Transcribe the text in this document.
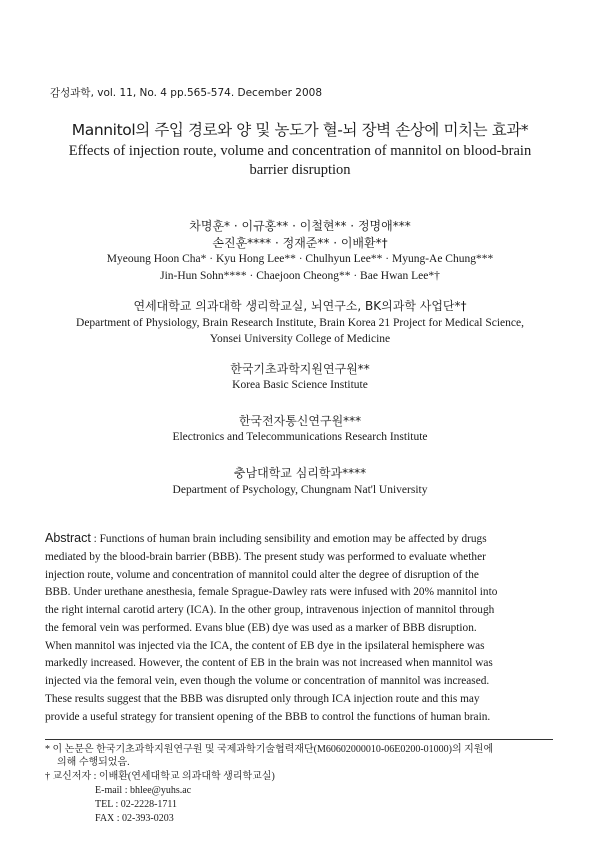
감성과학, vol. 11, No. 4 pp.565-574. December 2008
Mannitol의 주입 경로와 양 및 농도가 혈-뇌 장벽 손상에 미치는 효과*
Effects of injection route, volume and concentration of mannitol on blood-brain
barrier disruption
차명훈* · 이규홍** · 이철현** · 정명애***
손진훈**** · 정재준** · 이배환*†
Myeoung Hoon Cha* · Kyu Hong Lee** · Chulhyun Lee** · Myung-Ae Chung***
Jin-Hun Sohn**** · Chaejoon Cheong** · Bae Hwan Lee*†
연세대학교 의과대학 생리학교실, 뇌연구소, BK의과학 사업단*†
Department of Physiology, Brain Research Institute, Brain Korea 21 Project for Medical Science,
Yonsei University College of Medicine
한국기초과학지원연구원**
Korea Basic Science Institute
한국전자통신연구원***
Electronics and Telecommunications Research Institute
충남대학교 심리학과****
Department of Psychology, Chungnam Nat'l University
Abstract : Functions of human brain including sensibility and emotion may be affected by drugs
mediated by the blood-brain barrier (BBB). The present study was performed to evaluate whether
injection route, volume and concentration of mannitol could alter the degree of disruption of the
BBB. Under urethane anesthesia, female Sprague-Dawley rats were infused with 20% mannitol into
the right internal carotid artery (ICA). In the other group, intravenous injection of mannitol through
the femoral vein was performed. Evans blue (EB) dye was used as a marker of BBB disruption.
When mannitol was injected via the ICA, the content of EB dye in the ipsilateral hemisphere was
markedly increased. However, the content of EB in the brain was not increased when mannitol was
injected via the femoral vein, even though the volume or concentration of mannitol was increased.
These results suggest that the BBB was disrupted only through ICA injection route and this may
provide a useful strategy for transient opening of the BBB to control the functions of human brain.
* 이 논문은 한국기초과학지원연구원 및 국제과학기술협력재단(M60602000010-06E0200-01000)의 지원에
의해 수행되었음.
† 교신저자 : 이배환(연세대학교 의과대학 생리학교실)
E-mail : bhlee@yuhs.ac
TEL : 02-2228-1711
FAX : 02-393-0203
